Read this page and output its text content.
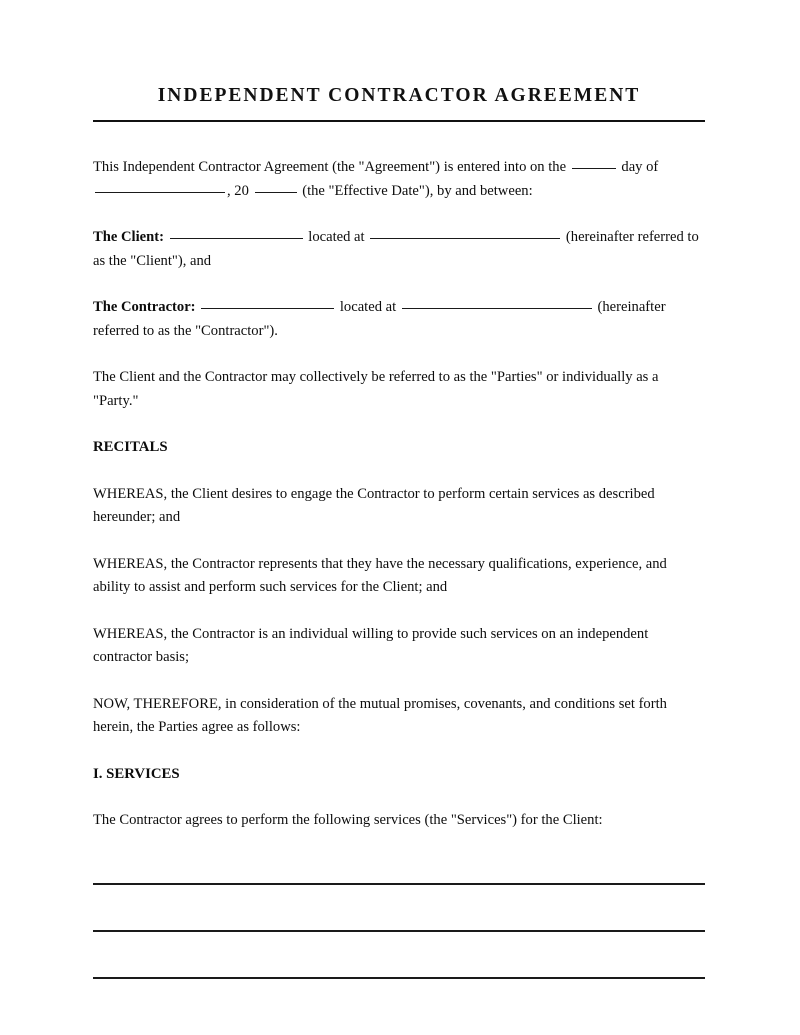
INDEPENDENT CONTRACTOR AGREEMENT

This Independent Contractor Agreement (the "Agreement") is entered into on the	day of , 20	(the "Effective Date"), by and between:

The Client:	located at	(hereinafter referred to as the "Client"), and

The Contractor:	located at	(hereinafter referred to as the "Contractor").

The Client and the Contractor may collectively be referred to as the "Parties" or individually as a "Party."

RECITALS

WHEREAS, the Client desires to engage the Contractor to perform certain services as described hereunder; and

WHEREAS, the Contractor represents that they have the necessary qualifications, experience, and ability to assist and perform such services for the Client; and

WHEREAS, the Contractor is an individual willing to provide such services on an independent contractor basis;

NOW, THEREFORE, in consideration of the mutual promises, covenants, and conditions set forth herein, the Parties agree as follows:

I. SERVICES

The Contractor agrees to perform the following services (the "Services") for the Client:
